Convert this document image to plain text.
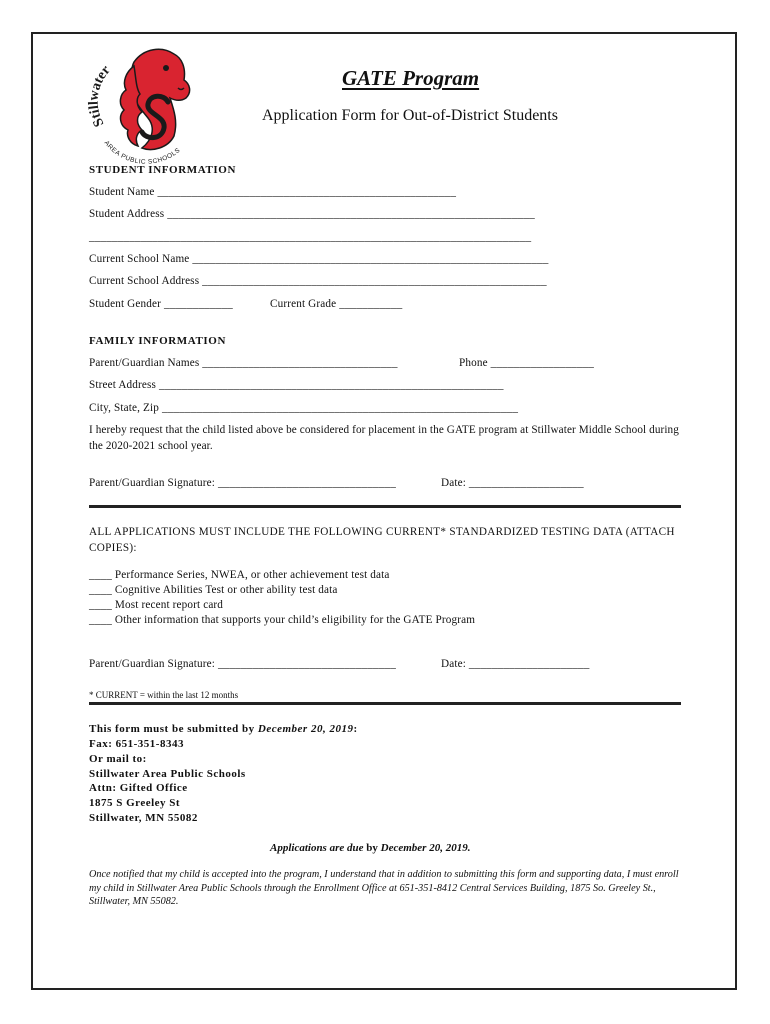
Stillwater
AREA PUBLIC SCHOOLS
GATE Program
Application Form for Out-of-District Students
STUDENT INFORMATION
Student Name ____________________________________________________
Student Address ________________________________________________________________
_____________________________________________________________________________
Current School Name ______________________________________________________________
Current School Address ____________________________________________________________
Student Gender ____________	Current Grade ___________
FAMILY INFORMATION
Parent/Guardian Names __________________________________	Phone __________________
Street Address ____________________________________________________________
City, State, Zip ______________________________________________________________
I hereby request that the child listed above be considered for placement in the GATE program at Stillwater Middle School during the 2020-2021 school year.
Parent/Guardian Signature: _______________________________	Date: ____________________
ALL APPLICATIONS MUST INCLUDE THE FOLLOWING CURRENT* STANDARDIZED TESTING DATA (ATTACH COPIES):
____ Performance Series, NWEA, or other achievement test data
____ Cognitive Abilities Test or other ability test data
____ Most recent report card
____ Other information that supports your child’s eligibility for the GATE Program
Parent/Guardian Signature: _______________________________	Date: _____________________
* CURRENT = within the last 12 months
This form must be submitted by December 20, 2019:
Fax: 651-351-8343
Or mail to:
Stillwater Area Public Schools
Attn: Gifted Office
1875 S Greeley St
Stillwater, MN 55082
Applications are due by December 20, 2019.
Once notified that my child is accepted into the program, I understand that in addition to submitting this form and supporting data, I must enroll my child in Stillwater Area Public Schools through the Enrollment Office at 651-351-8412 Central Services Building, 1875 So. Greeley St., Stillwater, MN 55082.
